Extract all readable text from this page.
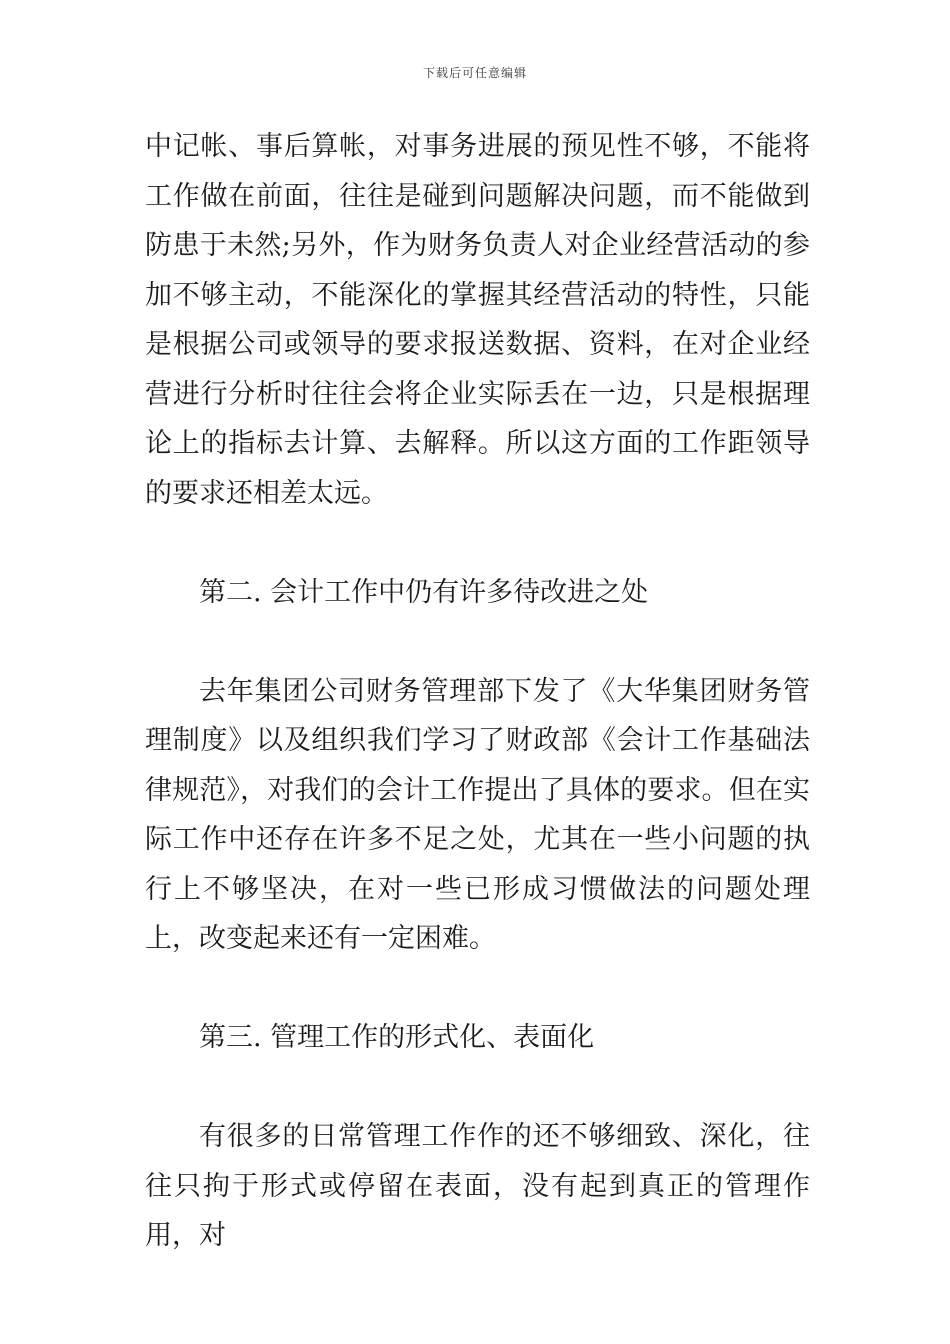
下载后可任意编辑

中记帐、事后算帐，对事务进展的预见性不够，不能将工作做在前面，往往是碰到问题解决问题，而不能做到防患于未然;另外，作为财务负责人对企业经营活动的参加不够主动，不能深化的掌握其经营活动的特性，只能是根据公司或领导的要求报送数据、资料，在对企业经营进行分析时往往会将企业实际丢在一边，只是根据理论上的指标去计算、去解释。所以这方面的工作距领导的要求还相差太远。

第二. 会计工作中仍有许多待改进之处

去年集团公司财务管理部下发了《大华集团财务管理制度》以及组织我们学习了财政部《会计工作基础法律规范》，对我们的会计工作提出了具体的要求。但在实际工作中还存在许多不足之处，尤其在一些小问题的执行上不够坚决，在对一些已形成习惯做法的问题处理上，改变起来还有一定困难。

第三. 管理工作的形式化、表面化

有很多的日常管理工作作的还不够细致、深化，往往只拘于形式或停留在表面，没有起到真正的管理作用，对
